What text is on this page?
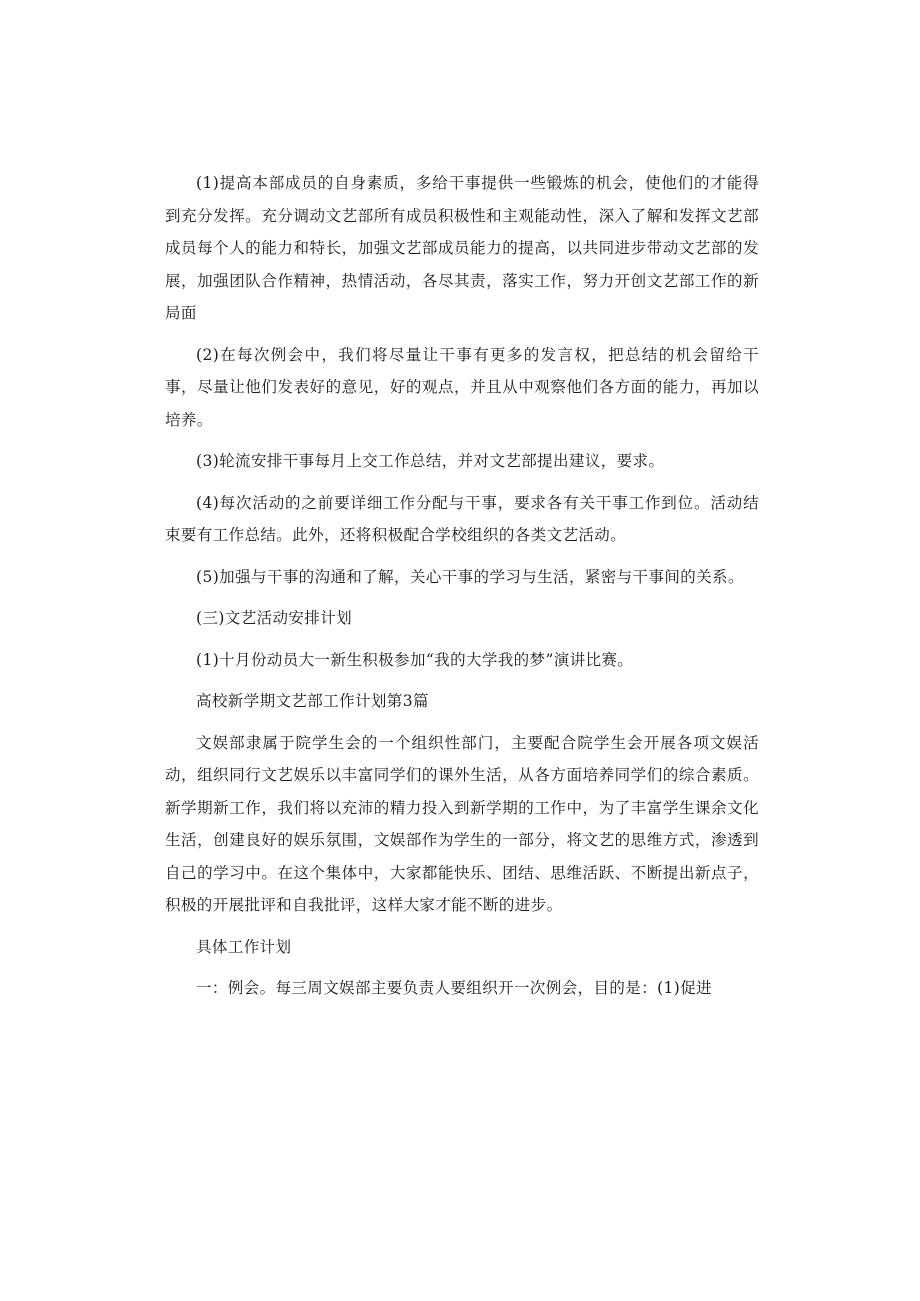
(1)提高本部成员的自身素质，多给干事提供一些锻炼的机会，使他们的才能得到充分发挥。充分调动文艺部所有成员积极性和主观能动性，深入了解和发挥文艺部成员每个人的能力和特长，加强文艺部成员能力的提高，以共同进步带动文艺部的发展，加强团队合作精神，热情活动，各尽其责，落实工作，努力开创文艺部工作的新局面

(2)在每次例会中，我们将尽量让干事有更多的发言权，把总结的机会留给干事，尽量让他们发表好的意见，好的观点，并且从中观察他们各方面的能力，再加以培养。

(3)轮流安排干事每月上交工作总结，并对文艺部提出建议，要求。

(4)每次活动的之前要详细工作分配与干事，要求各有关干事工作到位。活动结束要有工作总结。此外，还将积极配合学校组织的各类文艺活动。

(5)加强与干事的沟通和了解，关心干事的学习与生活，紧密与干事间的关系。

(三)文艺活动安排计划

(1)十月份动员大一新生积极参加“我的大学我的梦”演讲比赛。

高校新学期文艺部工作计划第3篇

文娱部隶属于院学生会的一个组织性部门，主要配合院学生会开展各项文娱活动，组织同行文艺娱乐以丰富同学们的课外生活，从各方面培养同学们的综合素质。新学期新工作，我们将以充沛的精力投入到新学期的工作中，为了丰富学生课余文化生活，创建良好的娱乐氛围，文娱部作为学生的一部分，将文艺的思维方式，渗透到自己的学习中。在这个集体中，大家都能快乐、团结、思维活跃、不断提出新点子，积极的开展批评和自我批评，这样大家才能不断的进步。

具体工作计划

一：例会。每三周文娱部主要负责人要组织开一次例会，目的是：(1)促进
